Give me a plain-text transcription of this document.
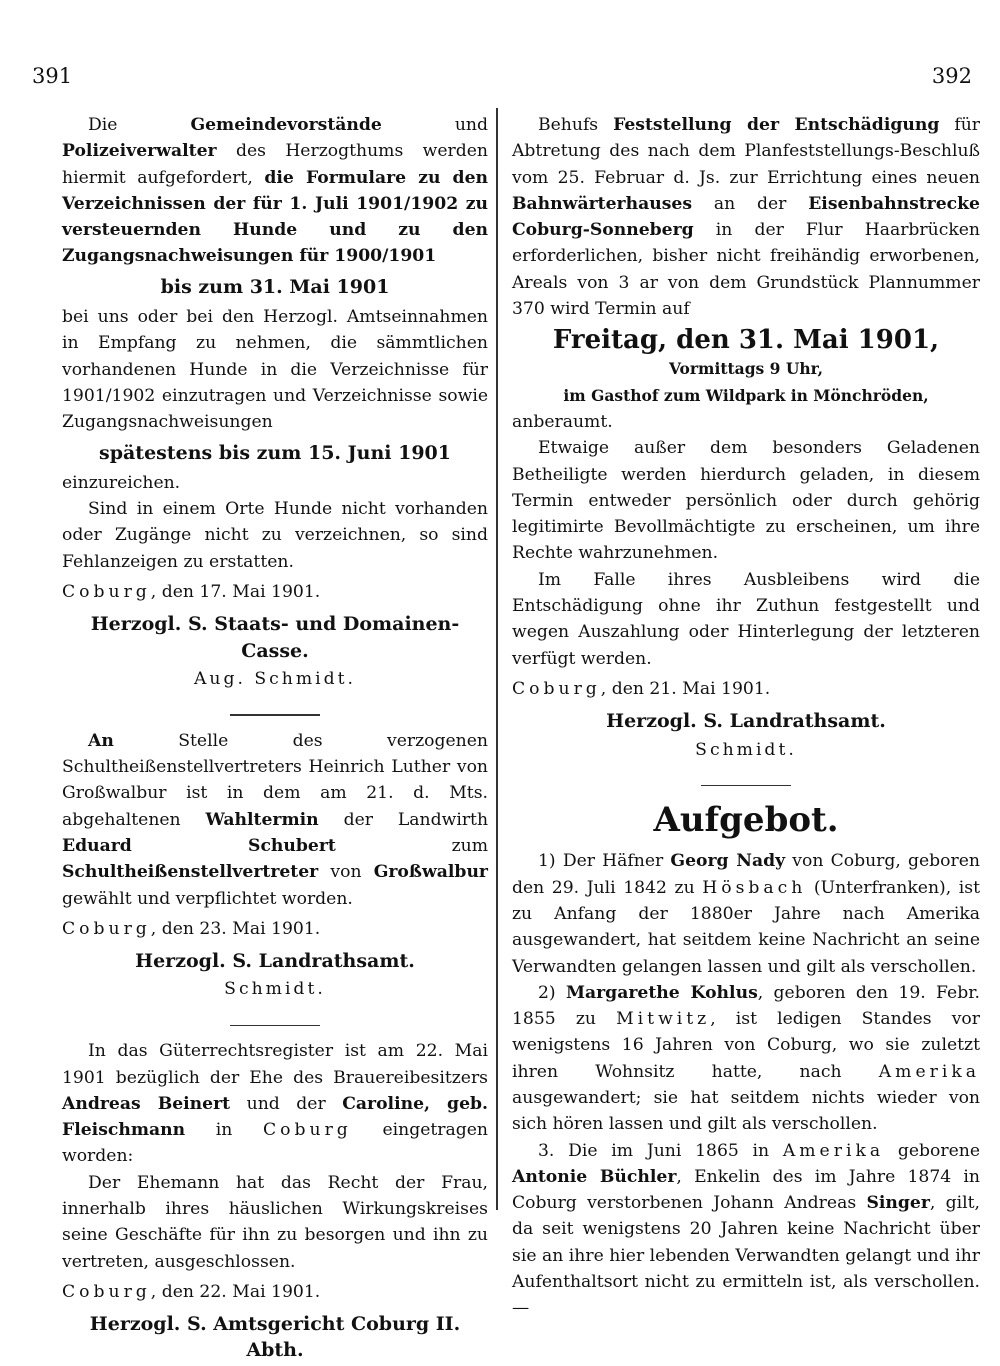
391	392

Die Gemeindevorstände und Polizeiverwalter des Herzogthums werden hiermit aufgefordert, die Formulare zu den Verzeichnissen der für 1. Juli 1901/1902 zu versteuernden Hunde und zu den Zugangsnachweisungen für 1900/1901

bis zum 31. Mai 1901

bei uns oder bei den Herzogl. Amtseinnahmen in Empfang zu nehmen, die sämmtlichen vorhandenen Hunde in die Verzeichnisse für 1901/1902 einzutragen und Verzeichnisse sowie Zugangsnachweisungen

spätestens bis zum 15. Juni 1901

einzureichen.

Sind in einem Orte Hunde nicht vorhanden oder Zugänge nicht zu verzeichnen, so sind Fehlanzeigen zu erstatten.

Coburg, den 17. Mai 1901.

Herzogl. S. Staats- und Domainen-Casse.

Aug. Schmidt.

An Stelle des verzogenen Schultheißenstellvertreters Heinrich Luther von Großwalbur ist in dem am 21. d. Mts. abgehaltenen Wahltermin der Landwirth Eduard Schubert zum Schultheißenstellvertreter von Großwalbur gewählt und verpflichtet worden.

Coburg, den 23. Mai 1901.

Herzogl. S. Landrathsamt.

Schmidt.

In das Güterrechtsregister ist am 22. Mai 1901 bezüglich der Ehe des Brauereibesitzers Andreas Beinert und der Caroline, geb. Fleischmann in Coburg eingetragen worden:

Der Ehemann hat das Recht der Frau, innerhalb ihres häuslichen Wirkungskreises seine Geschäfte für ihn zu besorgen und ihn zu vertreten, ausgeschlossen.

Coburg, den 22. Mai 1901.

Herzogl. S. Amtsgericht Coburg II. Abth.

Behufs Feststellung der Entschädigung für Abtretung des nach dem Planfeststellungs-Beschluß vom 25. Februar d. Js. zur Errichtung eines neuen Bahnwärterhauses an der Eisenbahnstrecke Coburg-Sonneberg in der Flur Haarbrücken erforderlichen, bisher nicht freihändig erworbenen, Areals von 3 ar von dem Grundstück Plannummer 370 wird Termin auf

Freitag, den 31. Mai 1901,

Vormittags 9 Uhr,

im Gasthof zum Wildpark in Mönchröden,

anberaumt.

Etwaige außer dem besonders Geladenen Betheiligte werden hierdurch geladen, in diesem Termin entweder persönlich oder durch gehörig legitimirte Bevollmächtigte zu erscheinen, um ihre Rechte wahrzunehmen.

Im Falle ihres Ausbleibens wird die Entschädigung ohne ihr Zuthun festgestellt und wegen Auszahlung oder Hinterlegung der letzteren verfügt werden.

Coburg, den 21. Mai 1901.

Herzogl. S. Landrathsamt.

Schmidt.

Aufgebot.

1) Der Häfner Georg Nady von Coburg, geboren den 29. Juli 1842 zu Hösbach (Unterfranken), ist zu Anfang der 1880er Jahre nach Amerika ausgewandert, hat seitdem keine Nachricht an seine Verwandten gelangen lassen und gilt als verschollen.

2) Margarethe Kohlus, geboren den 19. Febr. 1855 zu Mitwitz, ist ledigen Standes vor wenigstens 16 Jahren von Coburg, wo sie zuletzt ihren Wohnsitz hatte, nach Amerika ausgewandert; sie hat seitdem nichts wieder von sich hören lassen und gilt als verschollen.

3. Die im Juni 1865 in Amerika geborene Antonie Büchler, Enkelin des im Jahre 1874 in Coburg verstorbenen Johann Andreas Singer, gilt, da seit wenigstens 20 Jahren keine Nachricht über sie an ihre hier lebenden Verwandten gelangt und ihr Aufenthaltsort nicht zu ermitteln ist, als verschollen. —
